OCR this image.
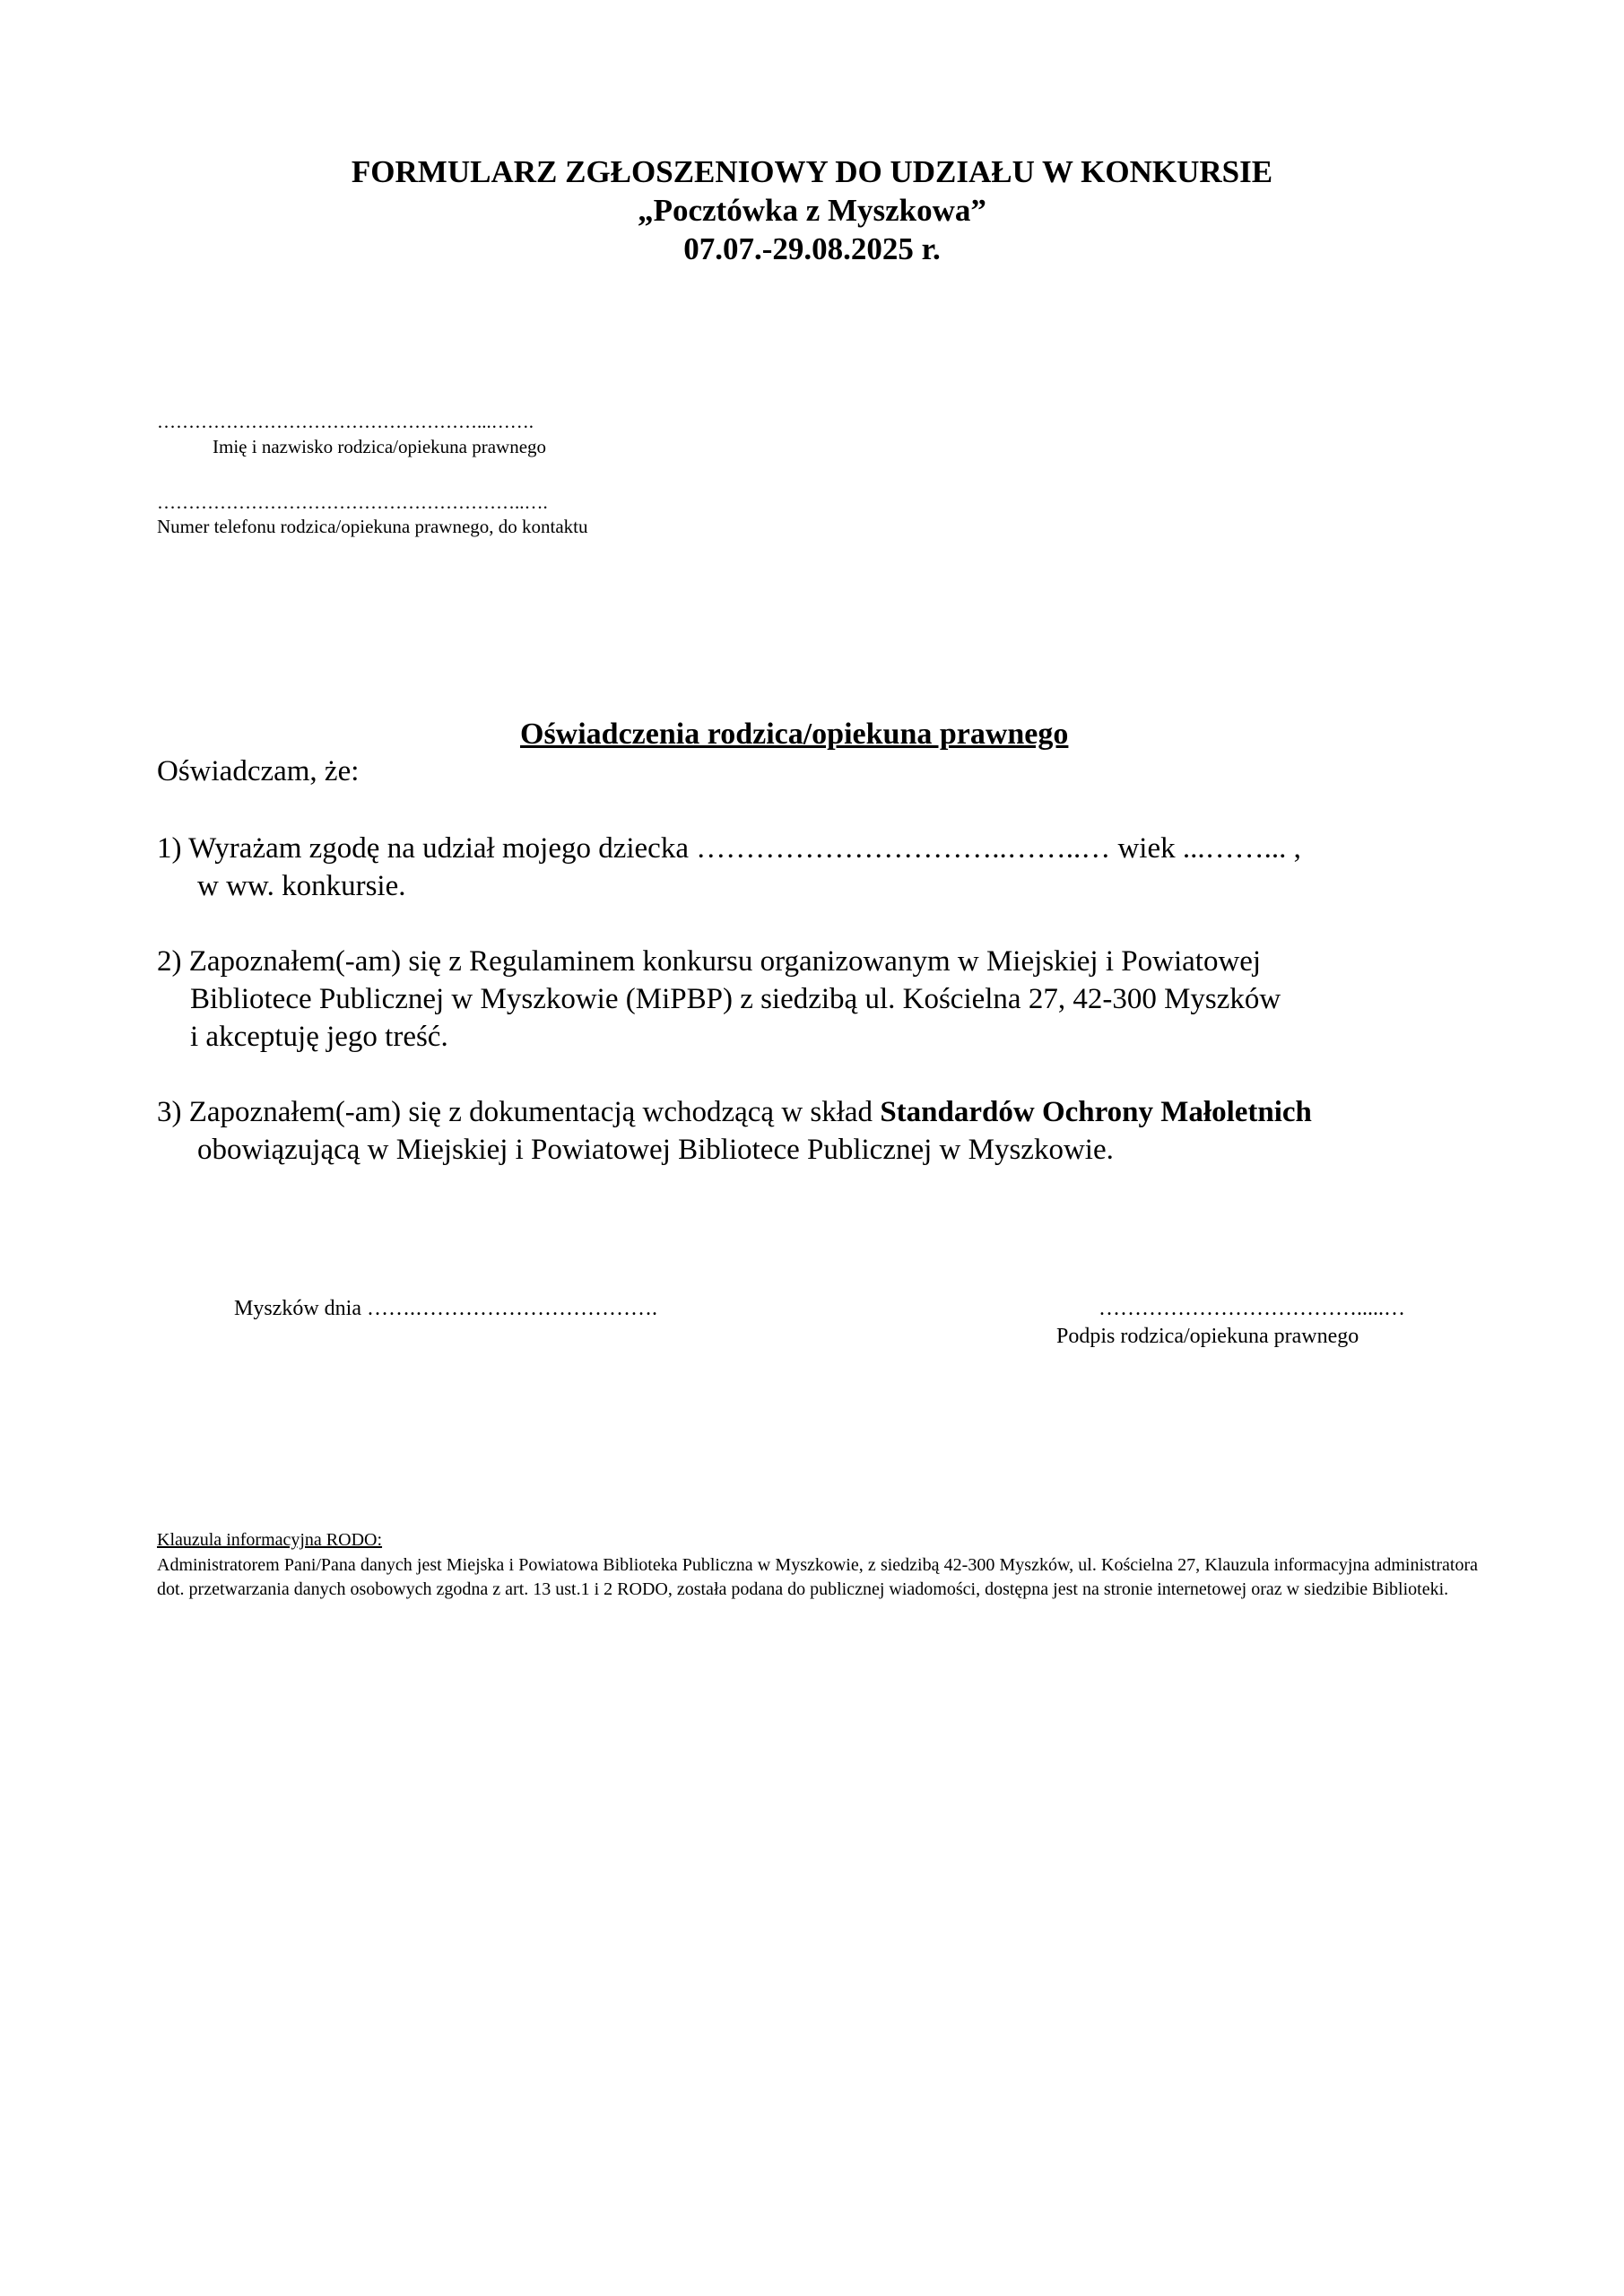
FORMULARZ ZGŁOSZENIOWY DO UDZIAŁU W KONKURSIE
„Pocztówka z Myszkowa”
07.07.-29.08.2025 r.
……………………………………………...…….
Imię i nazwisko rodzica/opiekuna prawnego
…………………………………………………..….
Numer telefonu rodzica/opiekuna prawnego, do kontaktu
Oświadczenia rodzica/opiekuna prawnego
Oświadczam, że:
1) Wyrażam zgodę na udział mojego dziecka …………………………..……..… wiek ...……... ,
w ww. konkursie.
2) Zapoznałem(-am) się z Regulaminem konkursu organizowanym w Miejskiej i Powiatowej
Bibliotece Publicznej w Myszkowie (MiPBP) z siedzibą ul. Kościelna 27, 42-300 Myszków
i akceptuję jego treść.
3) Zapoznałem(-am) się z dokumentacją wchodzącą w skład Standardów Ochrony Małoletnich
obowiązującą w Miejskiej i Powiatowej Bibliotece Publicznej w Myszkowie.
Myszków dnia …….…………………………….	……………………………….....…
Podpis rodzica/opiekuna prawnego
Klauzula informacyjna RODO:
Administratorem Pani/Pana danych jest Miejska i Powiatowa Biblioteka Publiczna w Myszkowie, z siedzibą 42-300 Myszków, ul. Kościelna 27, Klauzula informacyjna administratora dot. przetwarzania danych osobowych zgodna z art. 13 ust.1 i 2 RODO, została podana do publicznej wiadomości, dostępna jest na stronie internetowej oraz w siedzibie Biblioteki.
